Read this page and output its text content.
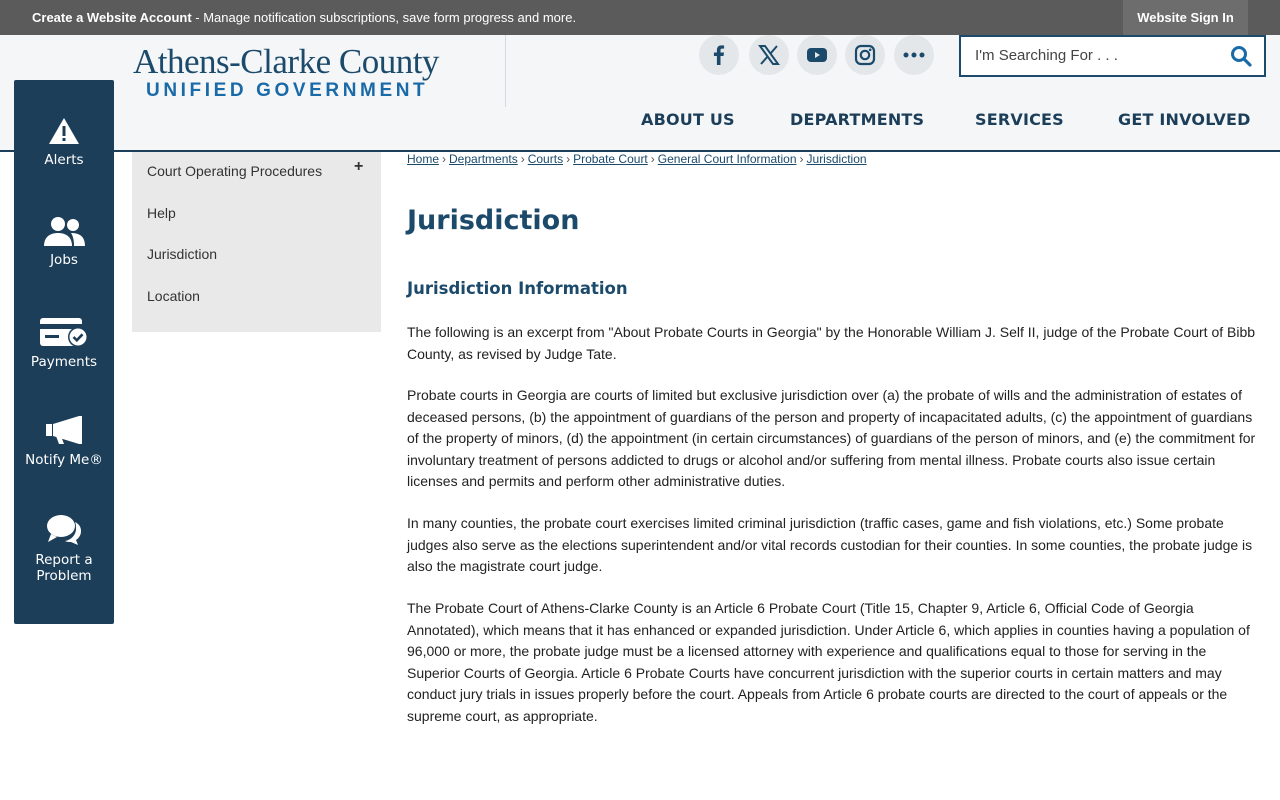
Create a Website Account - Manage notification subscriptions, save form progress and more.	Website Sign In
Athens-Clarke County
UNIFIED GOVERNMENT
I'm Searching For . . .
ABOUT US	DEPARTMENTS	SERVICES	GET INVOLVED
Alerts
Jobs
Payments
Notify Me®
Report a
Problem
Court Operating Procedures +
Help
Jurisdiction
Location
Home › Departments › Courts › Probate Court › General Court Information › Jurisdiction
Jurisdiction
Jurisdiction Information

The following is an excerpt from "About Probate Courts in Georgia" by the Honorable William J. Self II, judge of the Probate Court of Bibb County, as revised by Judge Tate.

Probate courts in Georgia are courts of limited but exclusive jurisdiction over (a) the probate of wills and the administration of estates of deceased persons, (b) the appointment of guardians of the person and property of incapacitated adults, (c) the appointment of guardians of the property of minors, (d) the appointment (in certain circumstances) of guardians of the person of minors, and (e) the commitment for involuntary treatment of persons addicted to drugs or alcohol and/or suffering from mental illness. Probate courts also issue certain licenses and permits and perform other administrative duties.

In many counties, the probate court exercises limited criminal jurisdiction (traffic cases, game and fish violations, etc.) Some probate judges also serve as the elections superintendent and/or vital records custodian for their counties. In some counties, the probate judge is also the magistrate court judge.

The Probate Court of Athens-Clarke County is an Article 6 Probate Court (Title 15, Chapter 9, Article 6, Official Code of Georgia Annotated), which means that it has enhanced or expanded jurisdiction. Under Article 6, which applies in counties having a population of 96,000 or more, the probate judge must be a licensed attorney with experience and qualifications equal to those for serving in the Superior Courts of Georgia. Article 6 Probate Courts have concurrent jurisdiction with the superior courts in certain matters and may conduct jury trials in issues properly before the court. Appeals from Article 6 probate courts are directed to the court of appeals or the supreme court, as appropriate.
